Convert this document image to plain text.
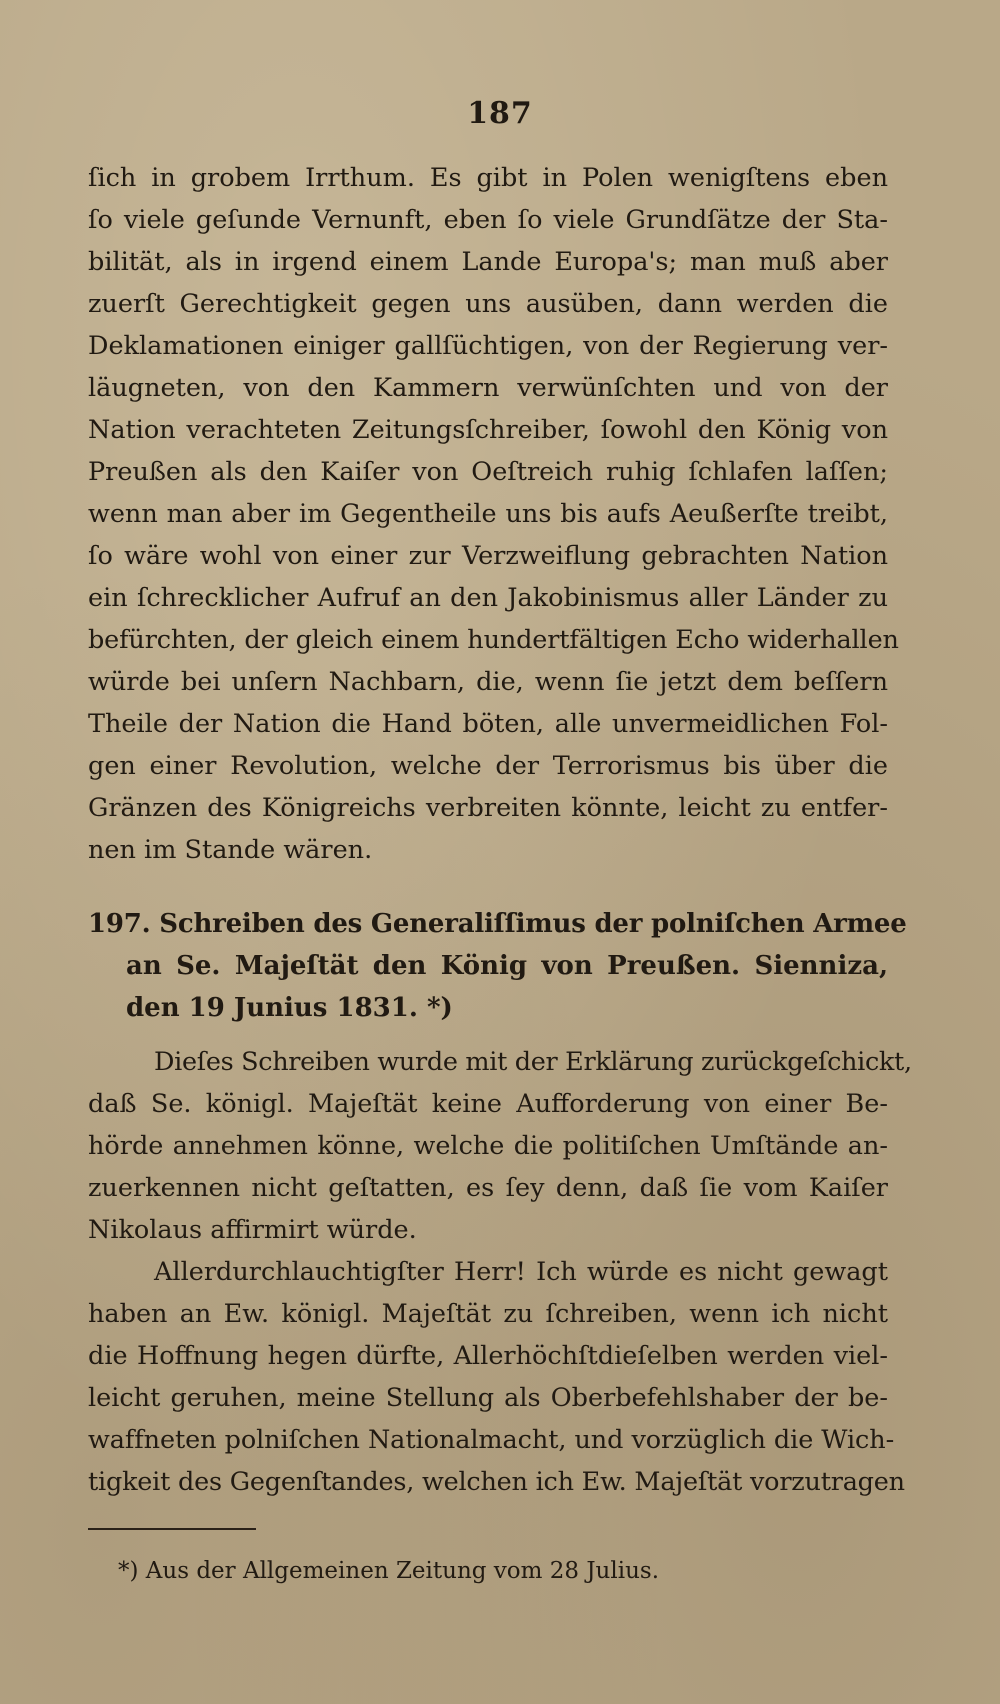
187
ſich in grobem Irrthum. Es gibt in Polen wenigſtens eben
ſo viele geſunde Vernunft, eben ſo viele Grundſätze der Sta-
bilität, als in irgend einem Lande Europa's; man muß aber
zuerſt Gerechtigkeit gegen uns ausüben, dann werden die
Deklamationen einiger gallſüchtigen, von der Regierung ver-
läugneten, von den Kammern verwünſchten und von der
Nation verachteten Zeitungsſchreiber, ſowohl den König von
Preußen als den Kaiſer von Oeſtreich ruhig ſchlafen laſſen;
wenn man aber im Gegentheile uns bis aufs Aeußerſte treibt,
ſo wäre wohl von einer zur Verzweiflung gebrachten Nation
ein ſchrecklicher Aufruf an den Jakobinismus aller Länder zu
befürchten, der gleich einem hundertfältigen Echo widerhallen
würde bei unſern Nachbarn, die, wenn ſie jetzt dem beſſern
Theile der Nation die Hand böten, alle unvermeidlichen Fol-
gen einer Revolution, welche der Terrorismus bis über die
Gränzen des Königreichs verbreiten könnte, leicht zu entfer-
nen im Stande wären.
197. Schreiben des Generaliſſimus der polniſchen Armee
an Se. Majeſtät den König von Preußen. Sienniza,
den 19 Junius 1831. *)
Dieſes Schreiben wurde mit der Erklärung zurückgeſchickt,
daß Se. königl. Majeſtät keine Aufforderung von einer Be-
hörde annehmen könne, welche die politiſchen Umſtände an-
zuerkennen nicht geſtatten, es ſey denn, daß ſie vom Kaiſer
Nikolaus affirmirt würde.
Allerdurchlauchtigſter Herr! Ich würde es nicht gewagt
haben an Ew. königl. Majeſtät zu ſchreiben, wenn ich nicht
die Hoffnung hegen dürfte, Allerhöchſtdieſelben werden viel-
leicht geruhen, meine Stellung als Oberbefehlshaber der be-
waffneten polniſchen Nationalmacht, und vorzüglich die Wich-
tigkeit des Gegenſtandes, welchen ich Ew. Majeſtät vorzutragen
*) Aus der Allgemeinen Zeitung vom 28 Julius.
